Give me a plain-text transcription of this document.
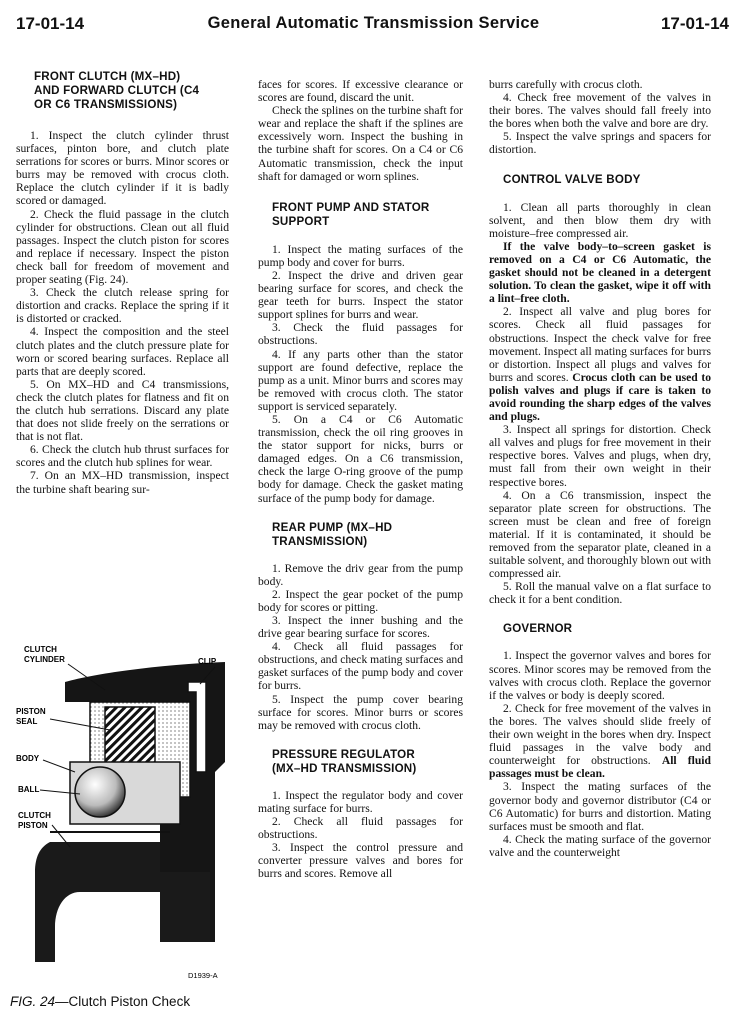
17-01-14	General Automatic Transmission Service	17-01-14
FRONT CLUTCH (MX–HD)
AND FORWARD CLUTCH (C4
OR C6 TRANSMISSIONS)

1. Inspect the clutch cylinder thrust surfaces, pinton bore, and clutch plate serrations for scores or burrs. Minor scores or burrs may be removed with crocus cloth. Replace the clutch cylinder if it is badly scored or damaged.

2. Check the fluid passage in the clutch cylinder for obstructions. Clean out all fluid passages. Inspect the clutch piston for scores and replace if necessary. Inspect the piston check ball for freedom of movement and proper seating (Fig. 24).

3. Check the clutch release spring for distortion and cracks. Replace the spring if it is distorted or cracked.

4. Inspect the composition and the steel clutch plates and the clutch pressure plate for worn or scored bearing surfaces. Replace all parts that are deeply scored.

5. On MX–HD and C4 transmissions, check the clutch plates for flatness and fit on the clutch hub serrations. Discard any plate that does not slide freely on the serrations or that is not flat.

6. Check the clutch hub thrust surfaces for scores and the clutch hub splines for wear.

7. On an MX–HD transmission, inspect the turbine shaft bearing sur-

CLUTCH
CYLINDER	CLIP
PISTON
SEAL
BODY
BALL
CLUTCH
PISTON
D1939-A
FIG. 24—Clutch Piston Check

faces for scores. If excessive clearance or scores are found, discard the unit.

Check the splines on the turbine shaft for wear and replace the shaft if the splines are excessively worn. Inspect the bushing in the turbine shaft for scores. On a C4 or C6 Automatic transmission, check the input shaft for damaged or worn splines.

FRONT PUMP AND STATOR
SUPPORT

1. Inspect the mating surfaces of the pump body and cover for burrs.

2. Inspect the drive and driven gear bearing surface for scores, and check the gear teeth for burrs. Inspect the stator support splines for burrs and wear.

3. Check the fluid passages for obstructions.

4. If any parts other than the stator support are found defective, replace the pump as a unit. Minor burrs and scores may be removed with crocus cloth. The stator support is serviced separately.

5. On a C4 or C6 Automatic transmission, check the oil ring grooves in the stator support for nicks, burrs or damaged edges. On a C6 transmission, check the large O-ring groove of the pump body for damage. Check the gasket mating surface of the pump body for damage.

REAR PUMP (MX–HD
TRANSMISSION)

1. Remove the driv gear from the pump body.

2. Inspect the gear pocket of the pump body for scores or pitting.

3. Inspect the inner bushing and the drive gear bearing surface for scores.

4. Check all fluid passages for obstructions, and check mating surfaces and gasket surfaces of the pump body and cover for burrs.

5. Inspect the pump cover bearing surface for scores. Minor burrs or scores may be removed with crocus cloth.

PRESSURE REGULATOR
(MX–HD TRANSMISSION)

1. Inspect the regulator body and cover mating surface for burrs.

2. Check all fluid passages for obstructions.

3. Inspect the control pressure and converter pressure valves and bores for burrs and scores. Remove all

burrs carefully with crocus cloth.

4. Check free movement of the valves in their bores. The valves should fall freely into the bores when both the valve and bore are dry.

5. Inspect the valve springs and spacers for distortion.

CONTROL VALVE BODY

1. Clean all parts thoroughly in clean solvent, and then blow them dry with moisture–free compressed air.

If the valve body–to–screen gasket is removed on a C4 or C6 Automatic, the gasket should not be cleaned in a detergent solution. To clean the gasket, wipe it off with a lint–free cloth.

2. Inspect all valve and plug bores for scores. Check all fluid passages for obstructions. Inspect the check valve for free movement. Inspect all mating surfaces for burrs or distortion. Inspect all plugs and valves for burrs and scores. Crocus cloth can be used to polish valves and plugs if care is taken to avoid rounding the sharp edges of the valves and plugs.

3. Inspect all springs for distortion. Check all valves and plugs for free movement in their respective bores. Valves and plugs, when dry, must fall from their own weight in their respective bores.

4. On a C6 transmission, inspect the separator plate screen for obstructions. The screen must be clean and free of foreign material. If it is contaminated, it should be removed from the separator plate, cleaned in a suitable solvent, and thoroughly blown out with compressed air.

5. Roll the manual valve on a flat surface to check it for a bent condition.

GOVERNOR

1. Inspect the governor valves and bores for scores. Minor scores may be removed from the valves with crocus cloth. Replace the governor if the valves or body is deeply scored.

2. Check for free movement of the valves in the bores. The valves should slide freely of their own weight in the bores when dry. Inspect fluid passages in the valve body and counterweight for obstructions. All fluid passages must be clean.

3. Inspect the mating surfaces of the governor body and governor distributor (C4 or C6 Automatic) for burrs and distortion. Mating surfaces must be smooth and flat.

4. Check the mating surface of the governor valve and the counterweight
